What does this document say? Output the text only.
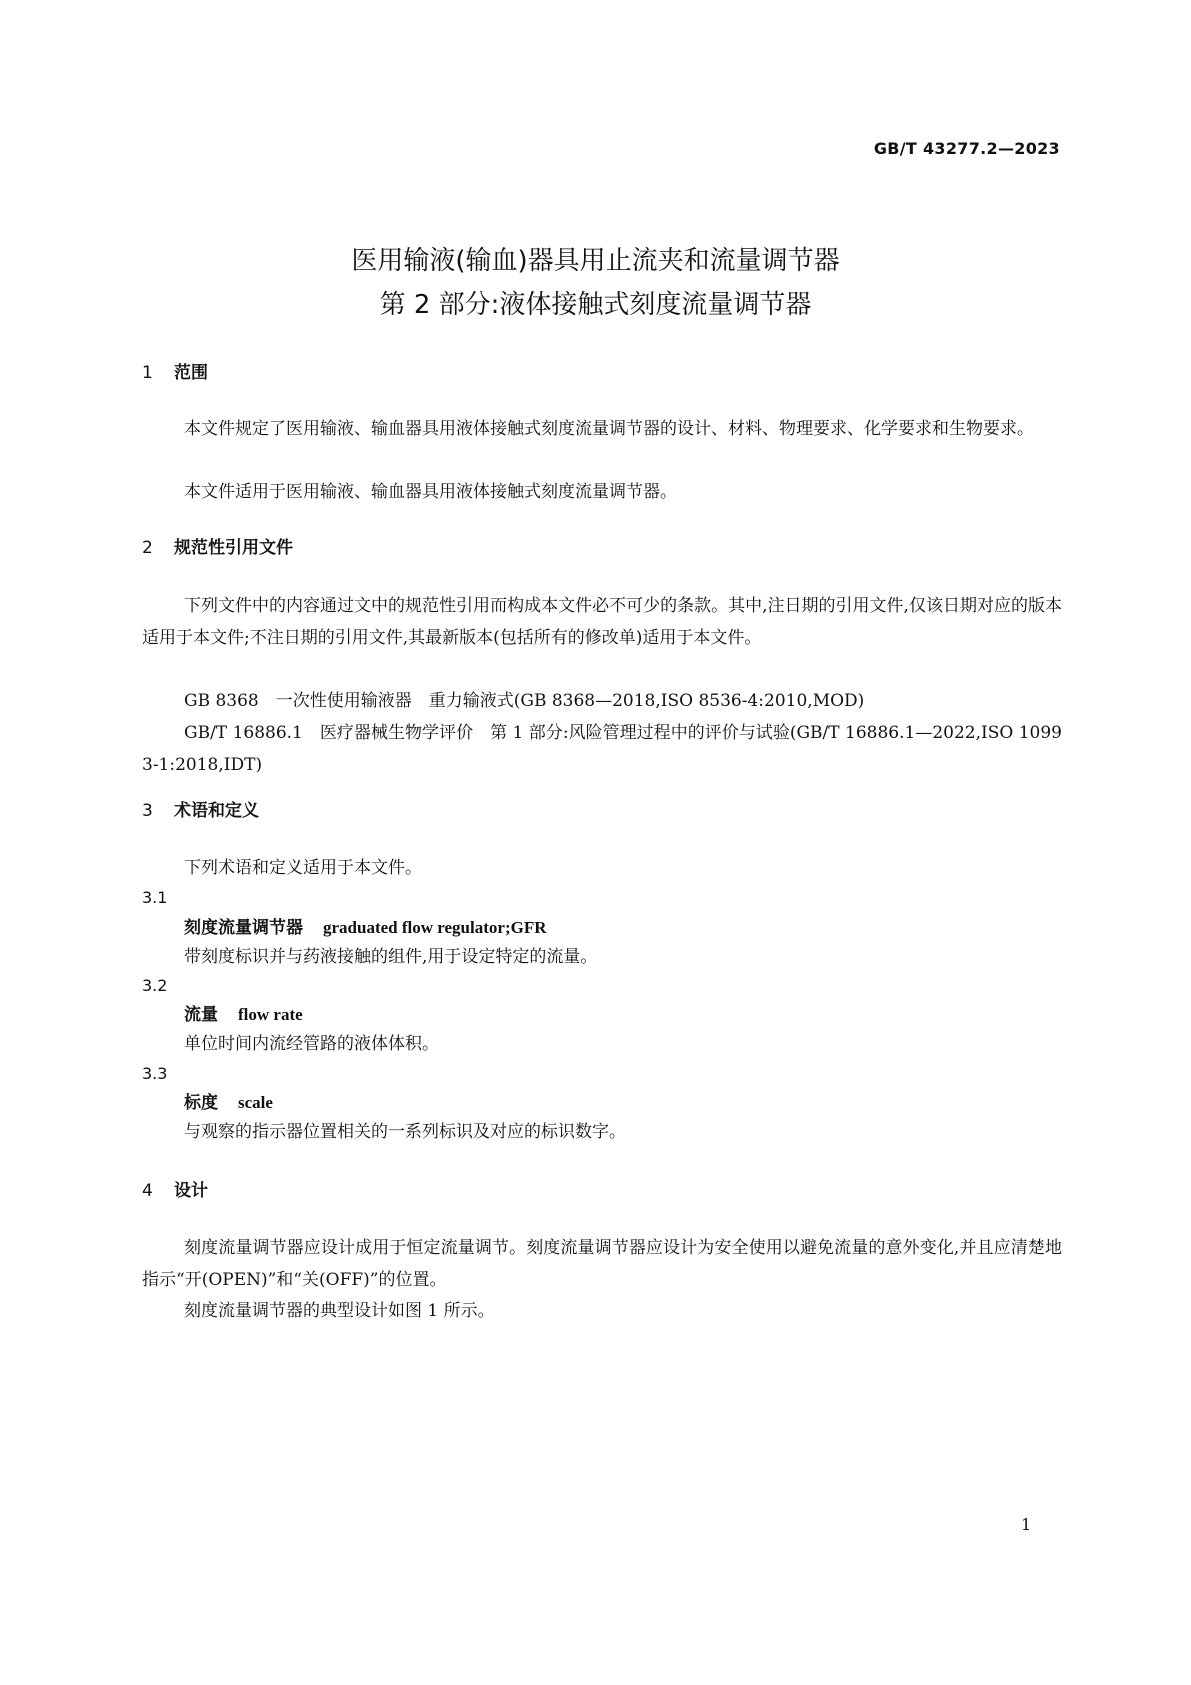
GB/T 43277.2—2023
医用输液(输血)器具用止流夹和流量调节器
第 2 部分:液体接触式刻度流量调节器
1 范围

本文件规定了医用输液、输血器具用液体接触式刻度流量调节器的设计、材料、物理要求、化学要求和生物要求。

本文件适用于医用输液、输血器具用液体接触式刻度流量调节器。

2 规范性引用文件

下列文件中的内容通过文中的规范性引用而构成本文件必不可少的条款。其中,注日期的引用文件,仅该日期对应的版本适用于本文件;不注日期的引用文件,其最新版本(包括所有的修改单)适用于本文件。

GB 8368　一次性使用输液器　重力输液式(GB 8368—2018,ISO 8536-4:2010,MOD)

GB/T 16886.1　医疗器械生物学评价　第 1 部分:风险管理过程中的评价与试验(GB/T 16886.1—2022,ISO 10993-1:2018,IDT)

3 术语和定义

下列术语和定义适用于本文件。

3.1
刻度流量调节器 graduated flow regulator;GFR
带刻度标识并与药液接触的组件,用于设定特定的流量。
3.2
流量 flow rate
单位时间内流经管路的液体体积。
3.3
标度 scale
与观察的指示器位置相关的一系列标识及对应的标识数字。
4 设计

刻度流量调节器应设计成用于恒定流量调节。刻度流量调节器应设计为安全使用以避免流量的意外变化,并且应清楚地指示“开(OPEN)”和“关(OFF)”的位置。

刻度流量调节器的典型设计如图 1 所示。

1
